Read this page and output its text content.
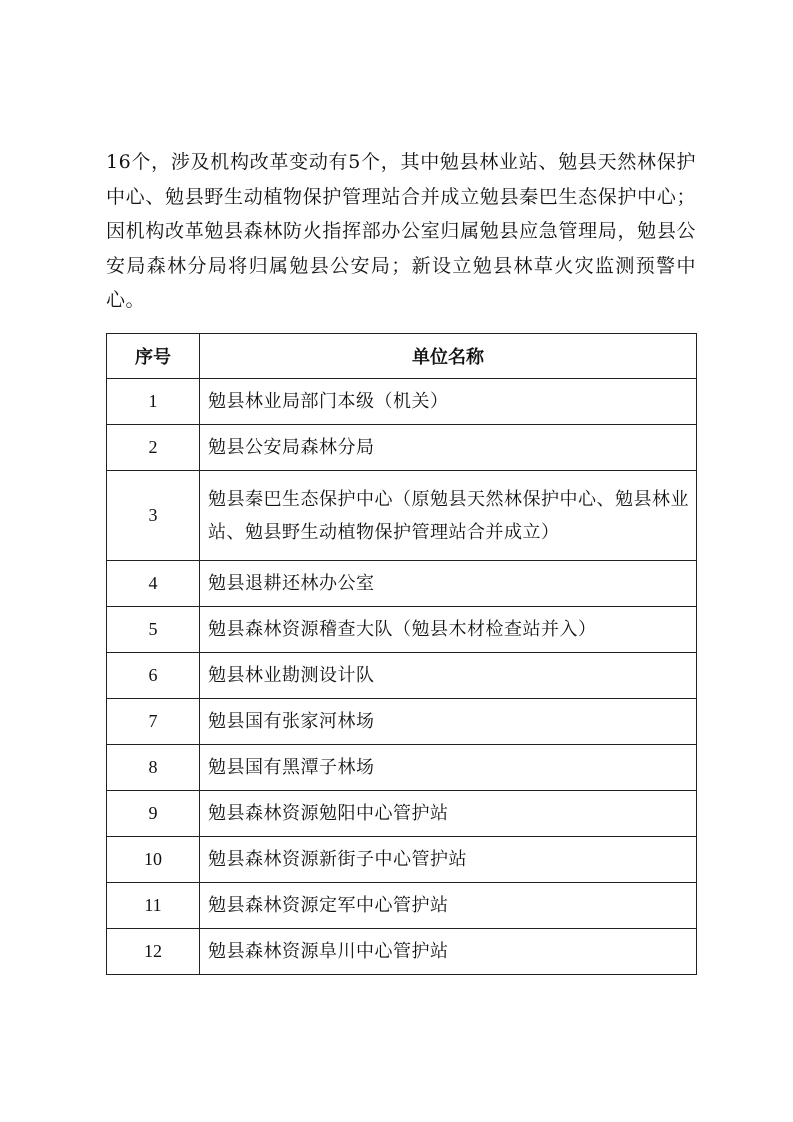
16个，涉及机构改革变动有5个，其中勉县林业站、勉县天然林保护中心、勉县野生动植物保护管理站合并成立勉县秦巴生态保护中心；因机构改革勉县森林防火指挥部办公室归属勉县应急管理局，勉县公安局森林分局将归属勉县公安局；新设立勉县林草火灾监测预警中心。

序号	单位名称
1	勉县林业局部门本级（机关）
2	勉县公安局森林分局
3	勉县秦巴生态保护中心（原勉县天然林保护中心、勉县林业站、勉县野生动植物保护管理站合并成立）
4	勉县退耕还林办公室
5	勉县森林资源稽查大队（勉县木材检查站并入）
6	勉县林业勘测设计队
7	勉县国有张家河林场
8	勉县国有黑潭子林场
9	勉县森林资源勉阳中心管护站
10	勉县森林资源新街子中心管护站
11	勉县森林资源定军中心管护站
12	勉县森林资源阜川中心管护站
